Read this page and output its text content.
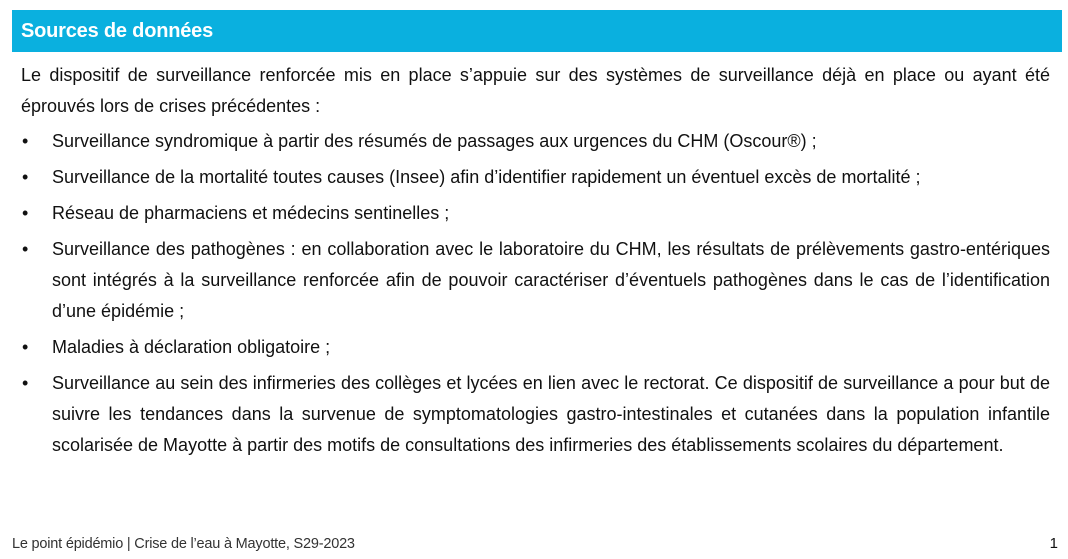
Sources de données

Le dispositif de surveillance renforcée mis en place s’appuie sur des systèmes de surveillance déjà en place ou ayant été éprouvés lors de crises précédentes :

• Surveillance syndromique à partir des résumés de passages aux urgences du CHM (Oscour®) ;
• Surveillance de la mortalité toutes causes (Insee) afin d’identifier rapidement un éventuel excès de mortalité ;
• Réseau de pharmaciens et médecins sentinelles ;
• Surveillance des pathogènes : en collaboration avec le laboratoire du CHM, les résultats de prélèvements gastro-entériques sont intégrés à la surveillance renforcée afin de pouvoir caractériser d’éventuels pathogènes dans le cas de l’identification d’une épidémie ;
• Maladies à déclaration obligatoire ;
• Surveillance au sein des infirmeries des collèges et lycées en lien avec le rectorat. Ce dispositif de surveillance a pour but de suivre les tendances dans la survenue de symptomatologies gastro-intestinales et cutanées dans la population infantile scolarisée de Mayotte à partir des motifs de consultations des infirmeries des établissements scolaires du département.
Le point épidémio | Crise de l’eau à Mayotte, S29-2023	1
